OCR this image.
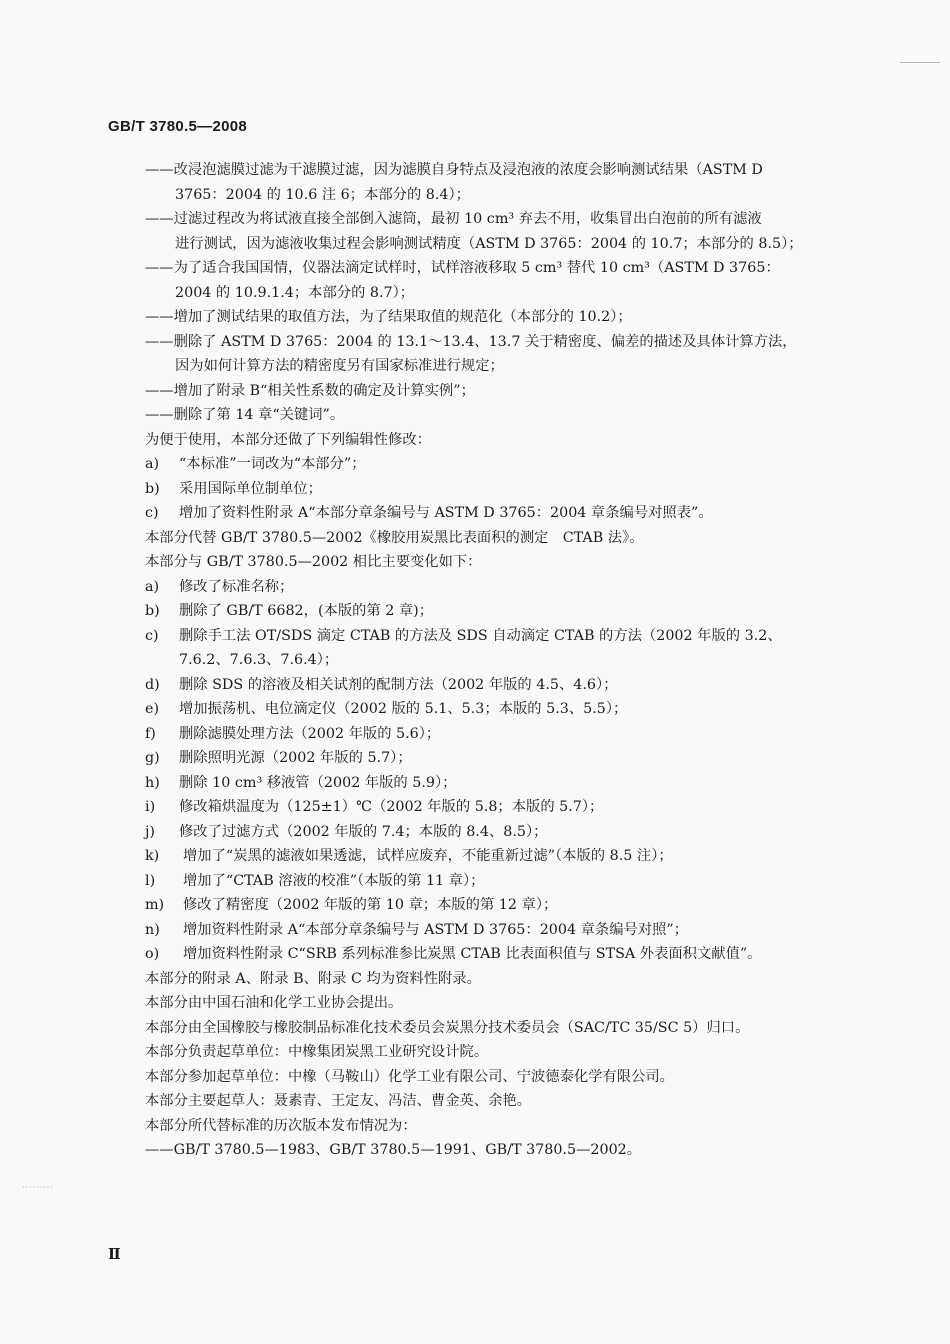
·········
GB/T 3780.5—2008
——改浸泡滤膜过滤为干滤膜过滤，因为滤膜自身特点及浸泡液的浓度会影响测试结果（ASTM D
3765：2004 的 10.6 注 6；本部分的 8.4）；
——过滤过程改为将试液直接全部倒入滤筒，最初 10 cm³ 弃去不用，收集冒出白泡前的所有滤液
进行测试，因为滤液收集过程会影响测试精度（ASTM D 3765：2004 的 10.7；本部分的 8.5）；
——为了适合我国国情，仪器法滴定试样时，试样溶液移取 5 cm³ 替代 10 cm³（ASTM D 3765：
2004 的 10.9.1.4；本部分的 8.7）；
——增加了测试结果的取值方法，为了结果取值的规范化（本部分的 10.2）；
——删除了 ASTM D 3765：2004 的 13.1～13.4、13.7 关于精密度、偏差的描述及具体计算方法，
因为如何计算方法的精密度另有国家标准进行规定；
——增加了附录 B“相关性系数的确定及计算实例”；
——删除了第 14 章“关键词”。
为便于使用，本部分还做了下列编辑性修改：
a) “本标准”一词改为“本部分”；
b) 采用国际单位制单位；
c) 增加了资料性附录 A“本部分章条编号与 ASTM D 3765：2004 章条编号对照表”。
本部分代替 GB/T 3780.5—2002《橡胶用炭黑比表面积的测定　CTAB 法》。
本部分与 GB/T 3780.5—2002 相比主要变化如下：
a) 修改了标准名称；
b) 删除了 GB/T 6682，(本版的第 2 章)；
c) 删除手工法 OT/SDS 滴定 CTAB 的方法及 SDS 自动滴定 CTAB 的方法（2002 年版的 3.2、
7.6.2、7.6.3、7.6.4）；
d) 删除 SDS 的溶液及相关试剂的配制方法（2002 年版的 4.5、4.6）；
e) 增加振荡机、电位滴定仪（2002 版的 5.1、5.3；本版的 5.3、5.5）；
f) 删除滤膜处理方法（2002 年版的 5.6）；
g) 删除照明光源（2002 年版的 5.7）；
h) 删除 10 cm³ 移液管（2002 年版的 5.9）；
i) 修改箱烘温度为（125±1）℃（2002 年版的 5.8；本版的 5.7）；
j) 修改了过滤方式（2002 年版的 7.4；本版的 8.4、8.5）；
k) 增加了“炭黑的滤液如果透滤，试样应废弃，不能重新过滤”（本版的 8.5 注）；
l) 增加了“CTAB 溶液的校准”（本版的第 11 章）；
m) 修改了精密度（2002 年版的第 10 章；本版的第 12 章）；
n) 增加资料性附录 A“本部分章条编号与 ASTM D 3765：2004 章条编号对照”；
o) 增加资料性附录 C“SRB 系列标准参比炭黑 CTAB 比表面积值与 STSA 外表面积文献值”。
本部分的附录 A、附录 B、附录 C 均为资料性附录。
本部分由中国石油和化学工业协会提出。
本部分由全国橡胶与橡胶制品标准化技术委员会炭黑分技术委员会（SAC/TC 35/SC 5）归口。
本部分负责起草单位：中橡集团炭黑工业研究设计院。
本部分参加起草单位：中橡（马鞍山）化学工业有限公司、宁波德泰化学有限公司。
本部分主要起草人：聂素青、王定友、冯洁、曹金英、余艳。
本部分所代替标准的历次版本发布情况为：
——GB/T 3780.5—1983、GB/T 3780.5—1991、GB/T 3780.5—2002。
Ⅱ
